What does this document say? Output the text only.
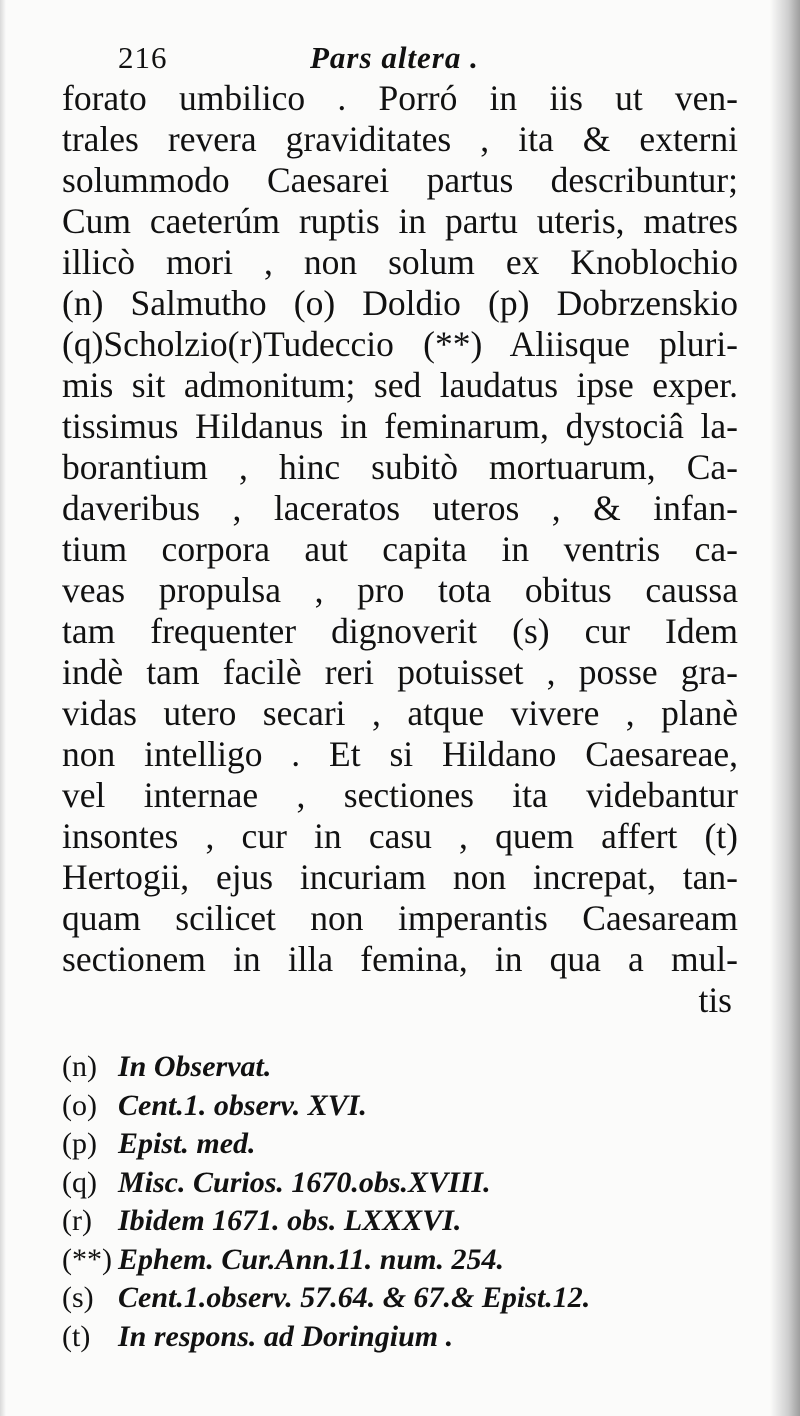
216	Pars altera .
forato umbilico . Porró in iis ut ven-
trales revera graviditates , ita & externi
solummodo Caesarei partus describuntur;
Cum caeterúm ruptis in partu uteris, matres
illicò mori , non solum ex Knoblochio
(n) Salmutho (o) Doldio (p) Dobrzenskio
(q)Scholzio(r)Tudeccio (**) Aliisque pluri-
mis sit admonitum; sed laudatus ipse exper.
tissimus Hildanus in feminarum, dystociâ la-
borantium , hinc subitò mortuarum, Ca-
daveribus , laceratos uteros , & infan-
tium corpora aut capita in ventris ca-
veas propulsa , pro tota obitus caussa
tam frequenter dignoverit (s) cur Idem
indè tam facilè reri potuisset , posse gra-
vidas utero secari , atque vivere , planè
non intelligo . Et si Hildano Caesareae,
vel internae , sectiones ita videbantur
insontes , cur in casu , quem affert (t)
Hertogii, ejus incuriam non increpat, tan-
quam scilicet non imperantis Caesaream
sectionem in illa femina, in qua a mul-
tis
(n) In Observat.
(o) Cent.1. observ. XVI.
(p) Epist. med.
(q) Misc. Curios. 1670.obs.XVIII.
(r) Ibidem 1671. obs. LXXXVI.
(**) Ephem. Cur.Ann.11. num. 254.
(s) Cent.1.observ. 57.64. & 67.& Epist.12.
(t) In respons. ad Doringium .
